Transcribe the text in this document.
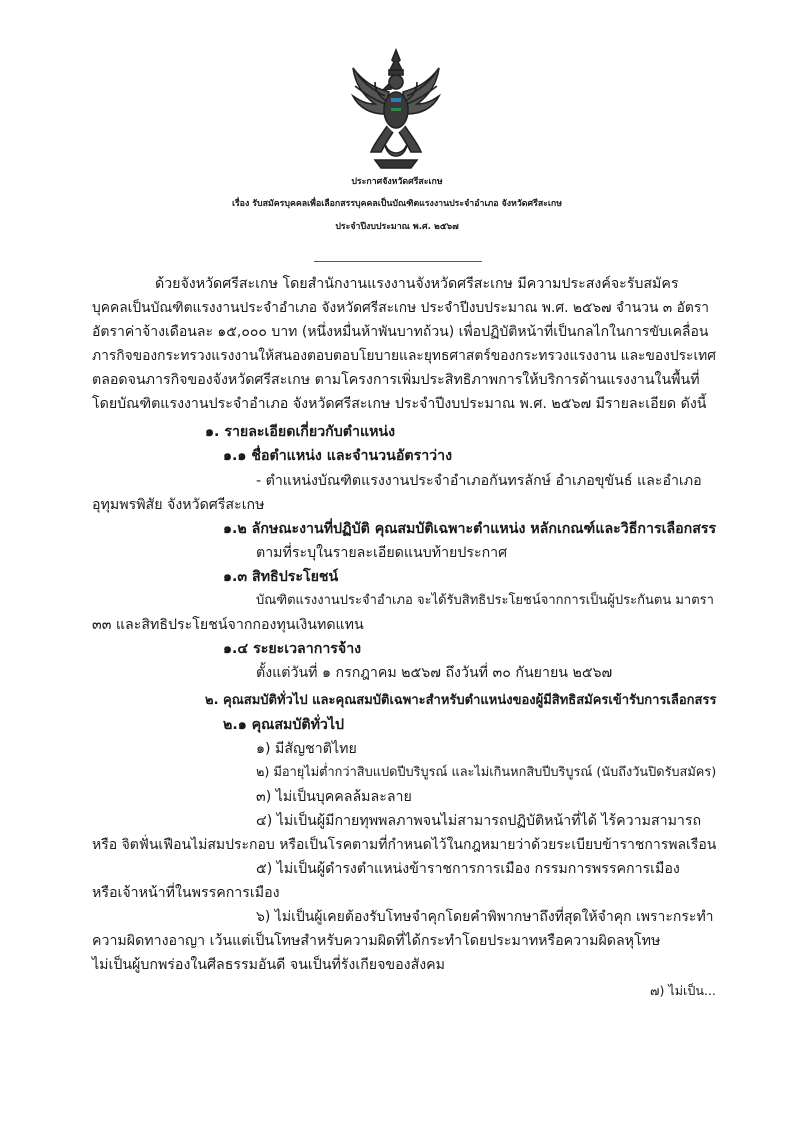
ประกาศจังหวัดศรีสะเกษ
เรื่อง รับสมัครบุคคลเพื่อเลือกสรรบุคคลเป็นบัณฑิตแรงงานประจำอำเภอ จังหวัดศรีสะเกษ
ประจำปีงบประมาณ พ.ศ. ๒๕๖๗
ด้วยจังหวัดศรีสะเกษ โดยสำนักงานแรงงานจังหวัดศรีสะเกษ มีความประสงค์จะรับสมัคร
บุคคลเป็นบัณฑิตแรงงานประจำอำเภอ จังหวัดศรีสะเกษ ประจำปีงบประมาณ พ.ศ. ๒๕๖๗ จำนวน ๓ อัตรา
อัตราค่าจ้างเดือนละ ๑๕,๐๐๐ บาท (หนึ่งหมื่นห้าพันบาทถ้วน) เพื่อปฏิบัติหน้าที่เป็นกลไกในการขับเคลื่อน
ภารกิจของกระทรวงแรงงานให้สนองตอบตอบโยบายและยุทธศาสตร์ของกระทรวงแรงงาน และของประเทศ
ตลอดจนภารกิจของจังหวัดศรีสะเกษ ตามโครงการเพิ่มประสิทธิภาพการให้บริการด้านแรงงานในพื้นที่
โดยบัณฑิตแรงงานประจำอำเภอ จังหวัดศรีสะเกษ ประจำปีงบประมาณ พ.ศ. ๒๕๖๗ มีรายละเอียด ดังนี้
๑. รายละเอียดเกี่ยวกับตำแหน่ง
๑.๑ ชื่อตำแหน่ง และจำนวนอัตราว่าง
- ตำแหน่งบัณฑิตแรงงานประจำอำเภอกันทรลักษ์ อำเภอขุขันธ์ และอำเภอ
อุทุมพรพิสัย จังหวัดศรีสะเกษ
๑.๒ ลักษณะงานที่ปฏิบัติ คุณสมบัติเฉพาะตำแหน่ง หลักเกณฑ์และวิธีการเลือกสรร
ตามที่ระบุในรายละเอียดแนบท้ายประกาศ
๑.๓ สิทธิประโยชน์
บัณฑิตแรงงานประจำอำเภอ จะได้รับสิทธิประโยชน์จากการเป็นผู้ประกันตน มาตรา
๓๓ และสิทธิประโยชน์จากกองทุนเงินทดแทน
๑.๔ ระยะเวลาการจ้าง
ตั้งแต่วันที่ ๑ กรกฎาคม ๒๕๖๗ ถึงวันที่ ๓๐ กันยายน ๒๕๖๗
๒. คุณสมบัติทั่วไป และคุณสมบัติเฉพาะสำหรับตำแหน่งของผู้มีสิทธิสมัครเข้ารับการเลือกสรร
๒.๑ คุณสมบัติทั่วไป
๑) มีสัญชาติไทย
๒) มีอายุไม่ต่ำกว่าสิบแปดปีบริบูรณ์ และไม่เกินหกสิบปีบริบูรณ์ (นับถึงวันปิดรับสมัคร)
๓) ไม่เป็นบุคคลล้มละลาย
๔) ไม่เป็นผู้มีกายทุพพลภาพจนไม่สามารถปฏิบัติหน้าที่ได้ ไร้ความสามารถ
หรือ จิตฟั่นเฟือนไม่สมประกอบ หรือเป็นโรคตามที่กำหนดไว้ในกฎหมายว่าด้วยระเบียบข้าราชการพลเรือน
๕) ไม่เป็นผู้ดำรงตำแหน่งข้าราชการการเมือง กรรมการพรรคการเมือง
หรือเจ้าหน้าที่ในพรรคการเมือง
๖) ไม่เป็นผู้เคยต้องรับโทษจำคุกโดยคำพิพากษาถึงที่สุดให้จำคุก เพราะกระทำ
ความผิดทางอาญา เว้นแต่เป็นโทษสำหรับความผิดที่ได้กระทำโดยประมาทหรือความผิดลหุโทษ
ไม่เป็นผู้บกพร่องในศีลธรรมอันดี จนเป็นที่รังเกียจของสังคม
๗) ไม่เป็น...
